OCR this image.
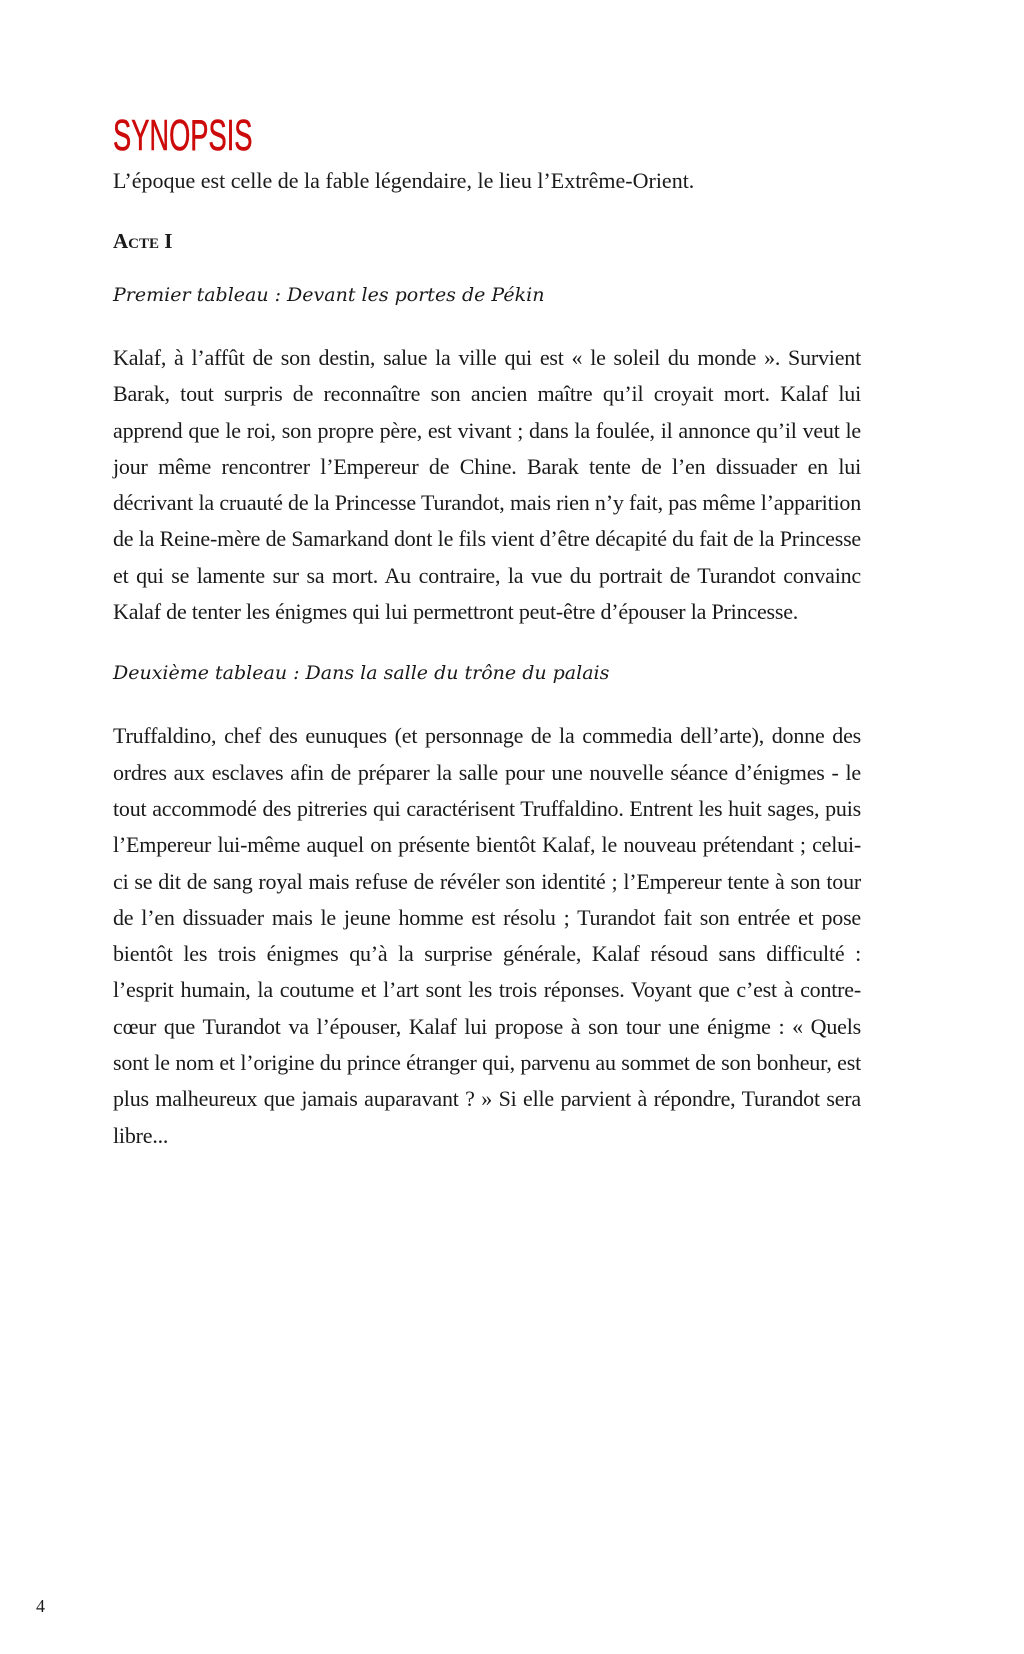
SYNOPSIS

L’époque est celle de la fable légendaire, le lieu l’Extrême-Orient.

Acte I
Premier tableau : Devant les portes de Pékin

Kalaf, à l’affût de son destin, salue la ville qui est « le soleil du monde ». Survient Barak, tout surpris de reconnaître son ancien maître qu’il croyait mort. Kalaf lui apprend que le roi, son propre père, est vivant ; dans la foulée, il annonce qu’il veut le jour même rencontrer l’Empereur de Chine. Barak tente de l’en dissuader en lui décrivant la cruauté de la Princesse Turandot, mais rien n’y fait, pas même l’apparition de la Reine-mère de Samarkand dont le fils vient d’être décapité du fait de la Princesse et qui se lamente sur sa mort. Au contraire, la vue du portrait de Turandot convainc Kalaf de tenter les énigmes qui lui permettront peut-être d’épouser la Princesse.

Deuxième tableau : Dans la salle du trône du palais

Truffaldino, chef des eunuques (et personnage de la commedia dell’arte), donne des ordres aux esclaves afin de préparer la salle pour une nouvelle séance d’énigmes - le tout accommodé des pitreries qui caractérisent Truffaldino. Entrent les huit sages, puis l’Empereur lui-même auquel on présente bientôt Kalaf, le nouveau prétendant ; celui-ci se dit de sang royal mais refuse de révéler son identité ; l’Empereur tente à son tour de l’en dissuader mais le jeune homme est résolu ; Turandot fait son entrée et pose bientôt les trois énigmes qu’à la surprise générale, Kalaf résoud sans difficulté : l’esprit humain, la coutume et l’art sont les trois réponses. Voyant que c’est à contre-cœur que Turandot va l’épouser, Kalaf lui propose à son tour une énigme : « Quels sont le nom et l’origine du prince étranger qui, parvenu au sommet de son bonheur, est plus malheureux que jamais auparavant ? » Si elle parvient à répondre, Turandot sera libre...

4
